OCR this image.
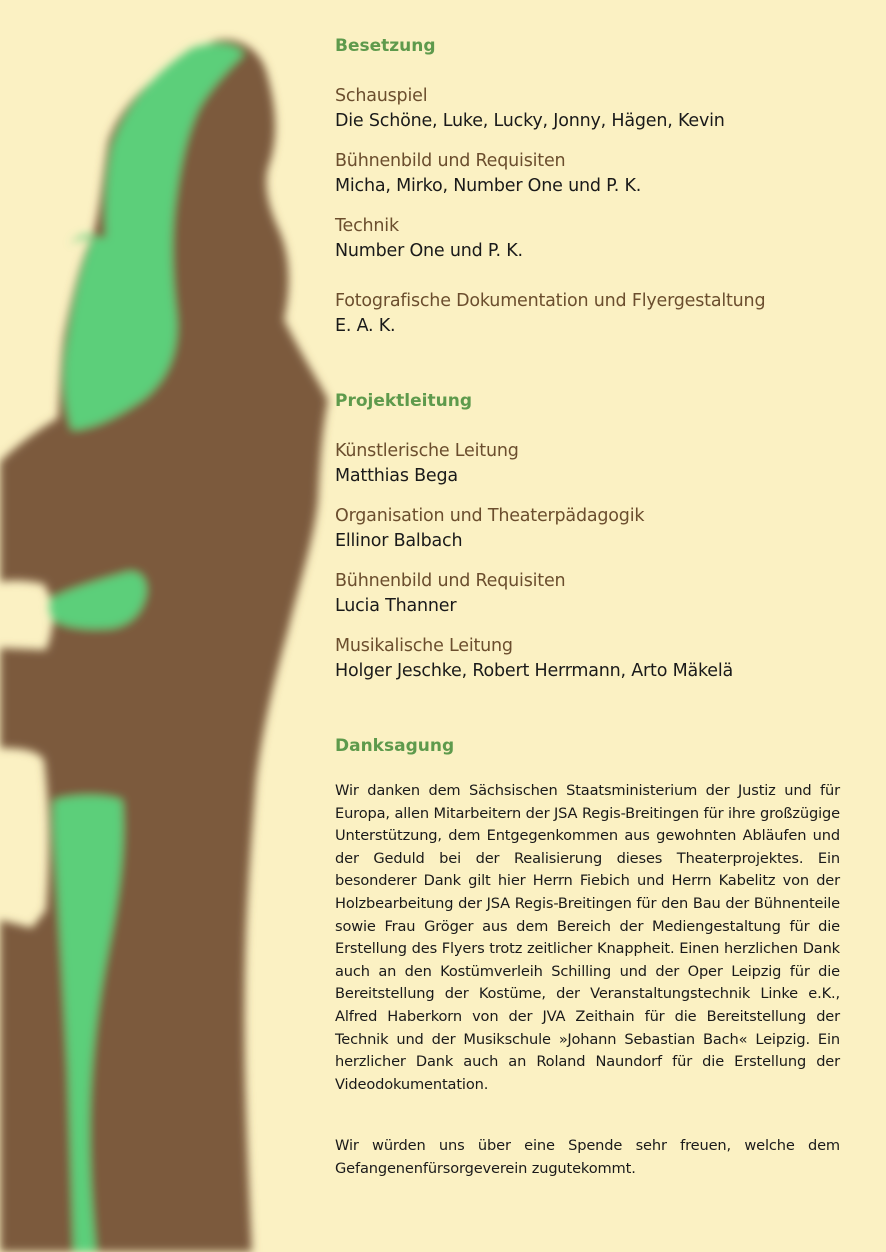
Besetzung
Schauspiel
Die Schöne, Luke, Lucky, Jonny, Hägen, Kevin
Bühnenbild und Requisiten
Micha, Mirko, Number One und P. K.
Technik
Number One und P. K.
Fotografische Dokumentation und Flyergestaltung
E. A. K.
Projektleitung
Künstlerische Leitung
Matthias Bega
Organisation und Theaterpädagogik
Ellinor Balbach
Bühnenbild und Requisiten
Lucia Thanner
Musikalische Leitung
Holger Jeschke, Robert Herrmann, Arto Mäkelä
Danksagung

Wir danken dem Sächsischen Staatsministerium der Justiz und für Europa, allen Mitarbeitern der JSA Regis-Breitingen für ihre großzügige Unterstützung, dem Entgegenkommen aus gewohnten Abläufen und der Geduld bei der Realisierung dieses Theaterprojektes. Ein besonderer Dank gilt hier Herrn Fiebich und Herrn Kabelitz von der Holzbearbeitung der JSA Regis-Breitingen für den Bau der Bühnenteile sowie Frau Gröger aus dem Bereich der Mediengestaltung für die Erstellung des Flyers trotz zeitlicher Knappheit. Einen herzlichen Dank auch an den Kostümverleih Schilling und der Oper Leipzig für die Bereitstellung der Kostüme, der Veranstaltungstechnik Linke e.K., Alfred Haberkorn von der JVA Zeithain für die Bereitstellung der Technik und der Musikschule »Johann Sebastian Bach« Leipzig. Ein herzlicher Dank auch an Roland Naundorf für die Erstellung der Videodokumentation.

Wir würden uns über eine Spende sehr freuen, welche dem Gefangenenfürsorgeverein zugutekommt.
